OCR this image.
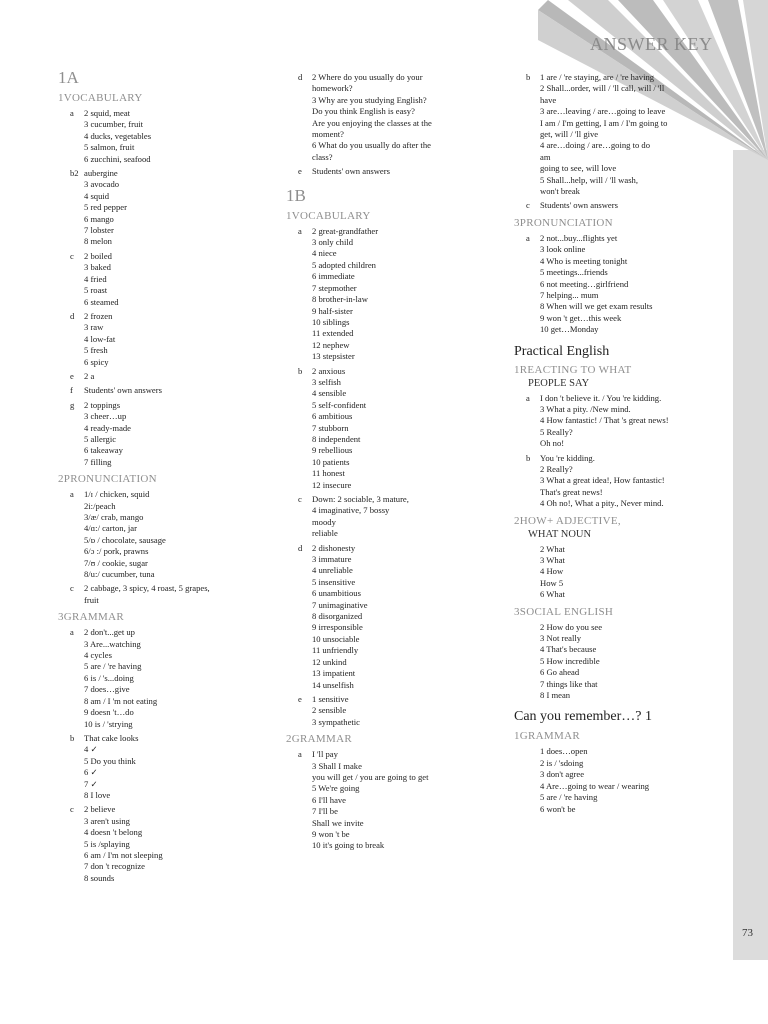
ANSWER KEY
73
1A
1VOCABULARY
a	2 squid, meat
3 cucumber, fruit
4 ducks, vegetables
5 salmon, fruit
6 zucchini, seafood
b2 aubergine
3 avocado
4 squid
5 red pepper
6 mango
7 lobster
8 melon
c	2 boiled
3 baked
4 fried
5 roast
6 steamed
d	2 frozen
3 raw
4 low-fat
5 fresh
6 spicy
e	2 a
f	Students' own answers
g	2 toppings
3 cheer…up
4 ready-made
5 allergic
6 takeaway
7 filling
2PRONUNCIATION
a	1/ɪ / chicken, squid
2i:/peach
3/æ/ crab, mango
4/ɑ:/ carton, jar
5/ɒ / chocolate, sausage
6/ɔ :/ pork, prawns
7/ʊ / cookie, sugar
8/u:/ cucumber, tuna
c	2 cabbage, 3 spicy, 4 roast, 5 grapes,
fruit
3GRAMMAR
a	2 don't...get up
3 Are...watching
4 cycles
5 are / 're having
6 is / 's...doing
7 does…give
8 am / I 'm not eating
9 doesn 't…do
10 is / 'strying
b	That cake looks
4 ✓
5 Do you think
6 ✓
7 ✓
8 I love
c	2 believe
3 aren't using
4 doesn 't belong
5 is /splaying
6 am / I'm not sleeping
7 don 't recognize
8 sounds
d	2 Where do you usually do your
homework?
3 Why are you studying English?
Do you think English is easy?
Are you enjoying the classes at the
moment?
6 What do you usually do after the
class?
e	Students' own answers
1B
1VOCABULARY
a	2 great-grandfather
3 only child
4 niece
5 adopted children
6 immediate
7 stepmother
8 brother-in-law
9 half-sister
10 siblings
11 extended
12 nephew
13 stepsister
b	2 anxious
3 selfish
4 sensible
5 self-confident
6 ambitious
7 stubborn
8 independent
9 rebellious
10 patients
11 honest
12 insecure
c	Down: 2 sociable, 3 mature,
4 imaginative, 7 bossy
moody
reliable
d	2 dishonesty
3 immature
4 unreliable
5 insensitive
6 unambitious
7 unimaginative
8 disorganized
9 irresponsible
10 unsociable
11 unfriendly
12 unkind
13 impatient
14 unselfish
e	1 sensitive
2 sensible
3 sympathetic
2GRAMMAR
a	I 'll pay
3 Shall I make
you will get / you are going to get
5 We're going
6 I'll have
7 I'll be
Shall we invite
9 won 't be
10 it's going to break
b	1 are / 're staying, are / 're having
2 Shall...order, will / 'll call, will / 'll
have
3 are…leaving / are…going to leave
I am / I'm getting, I am / I'm going to
get, will / 'll give
4 are…doing / are…going to do
am
going to see, will love
5 Shall...help, will / 'll wash,
won't break
c	Students' own answers
3PRONUNCIATION
a	2 not...buy...flights yet
3 look online
4 Who is meeting tonight
5 meetings...friends
6 not meeting…girlfriend
7 helping... mum
8 When will we get exam results
9 won 't get…this week
10 get…Monday
Practical English
1REACTING TO WHAT
PEOPLE SAY
a	I don 't believe it. / You 're kidding.
3 What a pity. /New mind.
4 How fantastic! / That 's great news!
5 Really?
Oh no!
b	You 're kidding.
2 Really?
3 What a great idea!, How fantastic!
That's great news!
4 Oh no!, What a pity., Never mind.
2HOW+ ADJECTIVE,
WHAT NOUN
2 What
3 What
4 How
How 5
6 What
3SOCIAL ENGLISH
2 How do you see
3 Not really
4 That's because
5 How incredible
6 Go ahead
7 things like that
8 I mean
Can you remember…? 1
1GRAMMAR
1 does…open
2 is / 'sdoing
3 don't agree
4 Are…going to wear / wearing
5 are / 're having
6 won't be
